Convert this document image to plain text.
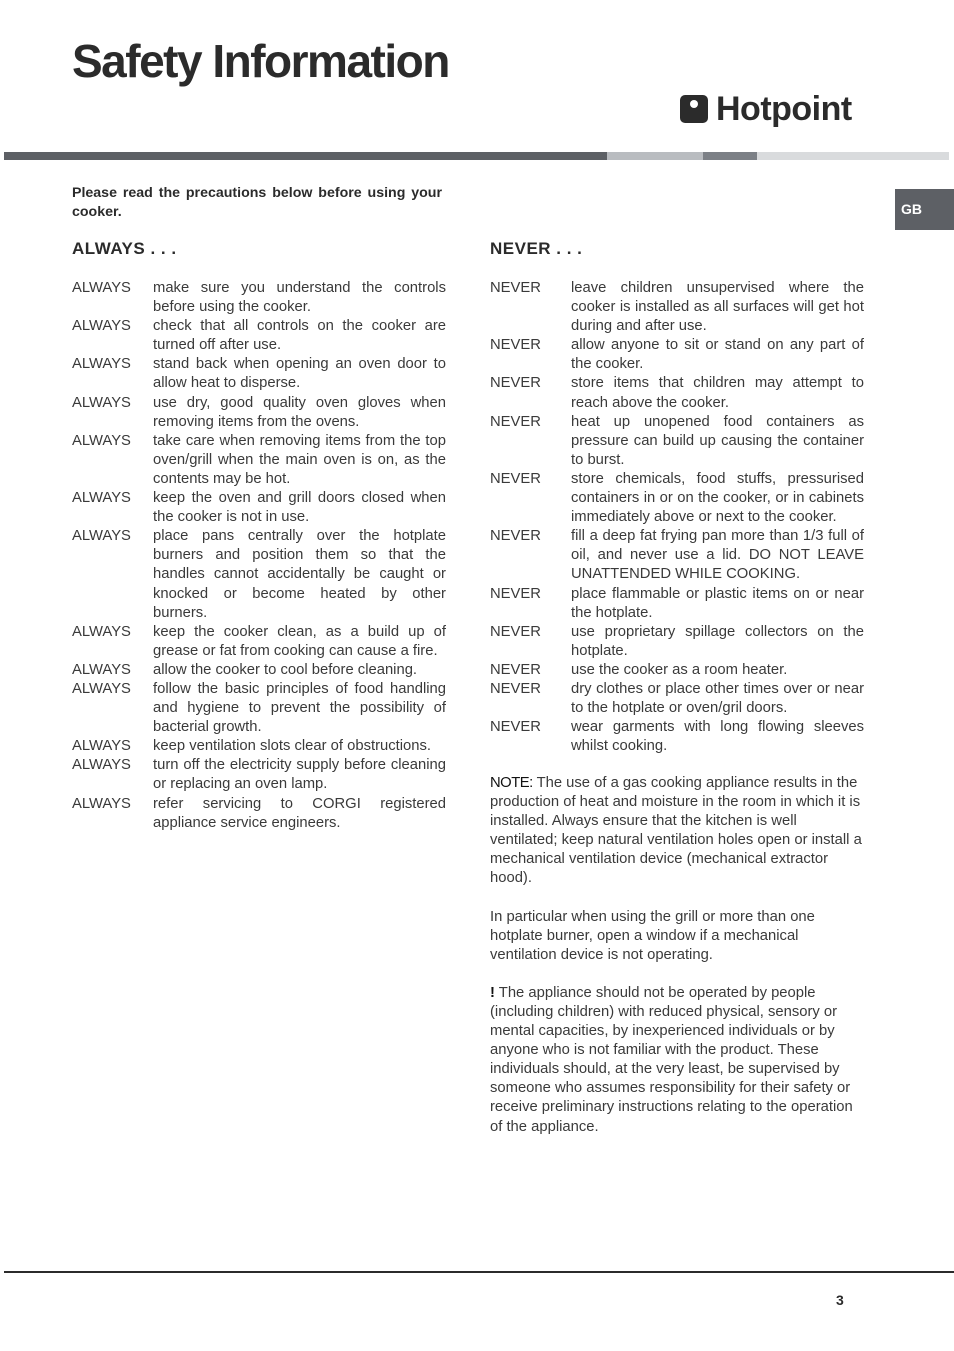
Safety Information
Hotpoint
GB
Please read the precautions below before using your cooker.
ALWAYS . . .	NEVER . . .
ALWAYS	make sure you understand the controls before using the cooker.
ALWAYS	check that all controls on the cooker are turned off after use.
ALWAYS	stand back when opening an oven door to allow heat to disperse.
ALWAYS	use dry, good quality oven gloves when removing items from the ovens.
ALWAYS	take care when removing items from the top oven/grill when the main oven is on, as the contents may be hot.
ALWAYS	keep the oven and grill doors closed when the cooker is not in use.
ALWAYS	place pans centrally over the hotplate burners and position them so that the handles cannot accidentally be caught or knocked or become heated by other burners.
ALWAYS	keep the cooker clean, as a build up of grease or fat from cooking can cause a fire.
ALWAYS	allow the cooker to cool before cleaning.
ALWAYS	follow the basic principles of food handling and hygiene to prevent the possibility of bacterial growth.
ALWAYS	keep ventilation slots clear of obstructions.
ALWAYS	turn off the electricity supply before cleaning or replacing an oven lamp.
ALWAYS	refer servicing to CORGI registered appliance service engineers.
NEVER	leave children unsupervised where the cooker is installed as all surfaces will get hot during and after use.
NEVER	allow anyone to sit or stand on any part of the cooker.
NEVER	store items that children may attempt to reach above the cooker.
NEVER	heat up unopened food containers as pressure can build up causing the container to burst.
NEVER	store chemicals, food stuffs, pressurised containers in or on the cooker, or in cabinets immediately above or next to the cooker.
NEVER	fill a deep fat frying pan more than 1/3 full of oil, and never use a lid. DO NOT LEAVE UNATTENDED WHILE COOKING.
NEVER	place flammable or plastic items on or near the hotplate.
NEVER	use proprietary spillage collectors on the hotplate.
NEVER	use the cooker as a room heater.
NEVER	dry clothes or place other times over or near to the hotplate or oven/gril doors.
NEVER	wear garments with long flowing sleeves whilst cooking.

NOTE: The use of a gas cooking appliance results in the production of heat and moisture in the room in which it is installed. Always ensure that the kitchen is well ventilated; keep natural ventilation holes open or install a mechanical ventilation device (mechanical extractor hood).

In particular when using the grill or more than one hotplate burner, open a window if a mechanical ventilation device is not operating.

! The appliance should not be operated by people (including children) with reduced physical, sensory or mental capacities, by inexperienced individuals or by anyone who is not familiar with the product. These individuals should, at the very least, be supervised by someone who assumes responsibility for their safety or receive preliminary instructions relating to the operation of the appliance.

3
